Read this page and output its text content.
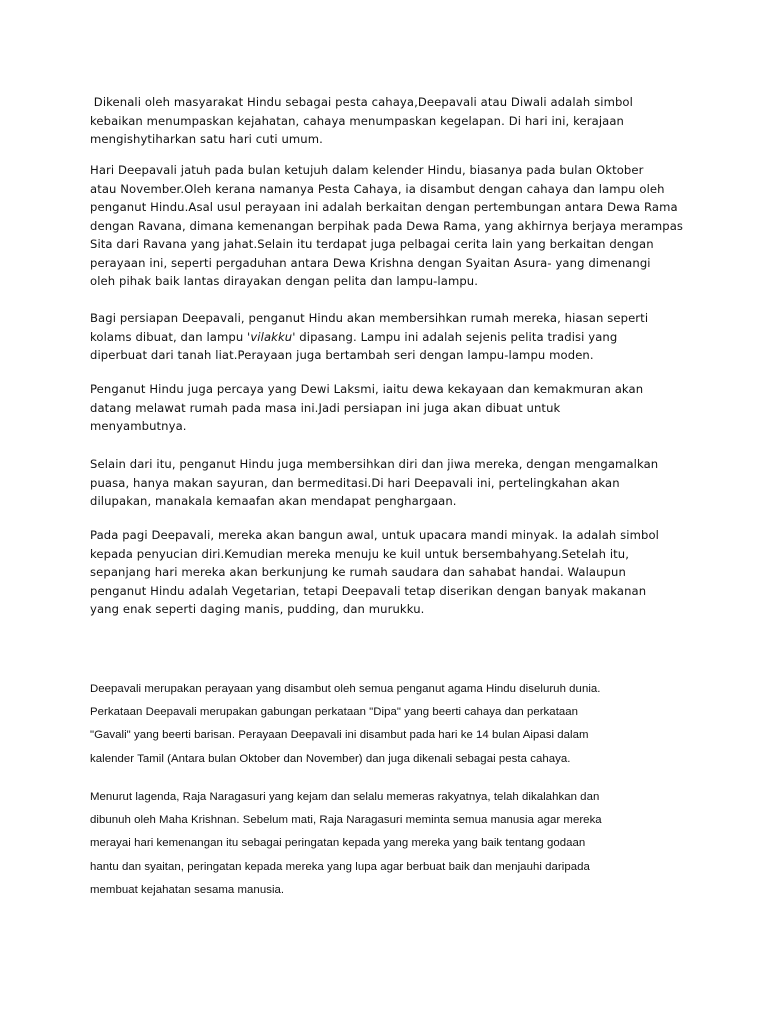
Dikenali oleh masyarakat Hindu sebagai pesta cahaya,Deepavali atau Diwali adalah simbol
kebaikan menumpaskan kejahatan, cahaya menumpaskan kegelapan. Di hari ini, kerajaan
mengishytiharkan satu hari cuti umum.

Hari Deepavali jatuh pada bulan ketujuh dalam kelender Hindu, biasanya pada bulan Oktober
atau November.Oleh kerana namanya Pesta Cahaya, ia disambut dengan cahaya dan lampu oleh
penganut Hindu.Asal usul perayaan ini adalah berkaitan dengan pertembungan antara Dewa Rama
dengan Ravana, dimana kemenangan berpihak pada Dewa Rama, yang akhirnya berjaya merampas
Sita dari Ravana yang jahat.Selain itu terdapat juga pelbagai cerita lain yang berkaitan dengan
perayaan ini, seperti pergaduhan antara Dewa Krishna dengan Syaitan Asura- yang dimenangi
oleh pihak baik lantas dirayakan dengan pelita dan lampu-lampu.

Bagi persiapan Deepavali, penganut Hindu akan membersihkan rumah mereka, hiasan seperti
kolams dibuat, dan lampu 'vilakku' dipasang. Lampu ini adalah sejenis pelita tradisi yang
diperbuat dari tanah liat.Perayaan juga bertambah seri dengan lampu-lampu moden.

Penganut Hindu juga percaya yang Dewi Laksmi, iaitu dewa kekayaan dan kemakmuran akan
datang melawat rumah pada masa ini.Jadi persiapan ini juga akan dibuat untuk
menyambutnya.

Selain dari itu, penganut Hindu juga membersihkan diri dan jiwa mereka, dengan mengamalkan
puasa, hanya makan sayuran, dan bermeditasi.Di hari Deepavali ini, pertelingkahan akan
dilupakan, manakala kemaafan akan mendapat penghargaan.

Pada pagi Deepavali, mereka akan bangun awal, untuk upacara mandi minyak. Ia adalah simbol
kepada penyucian diri.Kemudian mereka menuju ke kuil untuk bersembahyang.Setelah itu,
sepanjang hari mereka akan berkunjung ke rumah saudara dan sahabat handai. Walaupun
penganut Hindu adalah Vegetarian, tetapi Deepavali tetap diserikan dengan banyak makanan
yang enak seperti daging manis, pudding, dan murukku.

Deepavali merupakan perayaan yang disambut oleh semua penganut agama Hindu diseluruh dunia.
Perkataan Deepavali merupakan gabungan perkataan "Dipa" yang beerti cahaya dan perkataan
"Gavali" yang beerti barisan. Perayaan Deepavali ini disambut pada hari ke 14 bulan Aipasi dalam
kalender Tamil (Antara bulan Oktober dan November) dan juga dikenali sebagai pesta cahaya.

Menurut lagenda, Raja Naragasuri yang kejam dan selalu memeras rakyatnya, telah dikalahkan dan
dibunuh oleh Maha Krishnan. Sebelum mati, Raja Naragasuri meminta semua manusia agar mereka
merayai hari kemenangan itu sebagai peringatan kepada yang mereka yang baik tentang godaan
hantu dan syaitan, peringatan kepada mereka yang lupa agar berbuat baik dan menjauhi daripada
membuat kejahatan sesama manusia.
